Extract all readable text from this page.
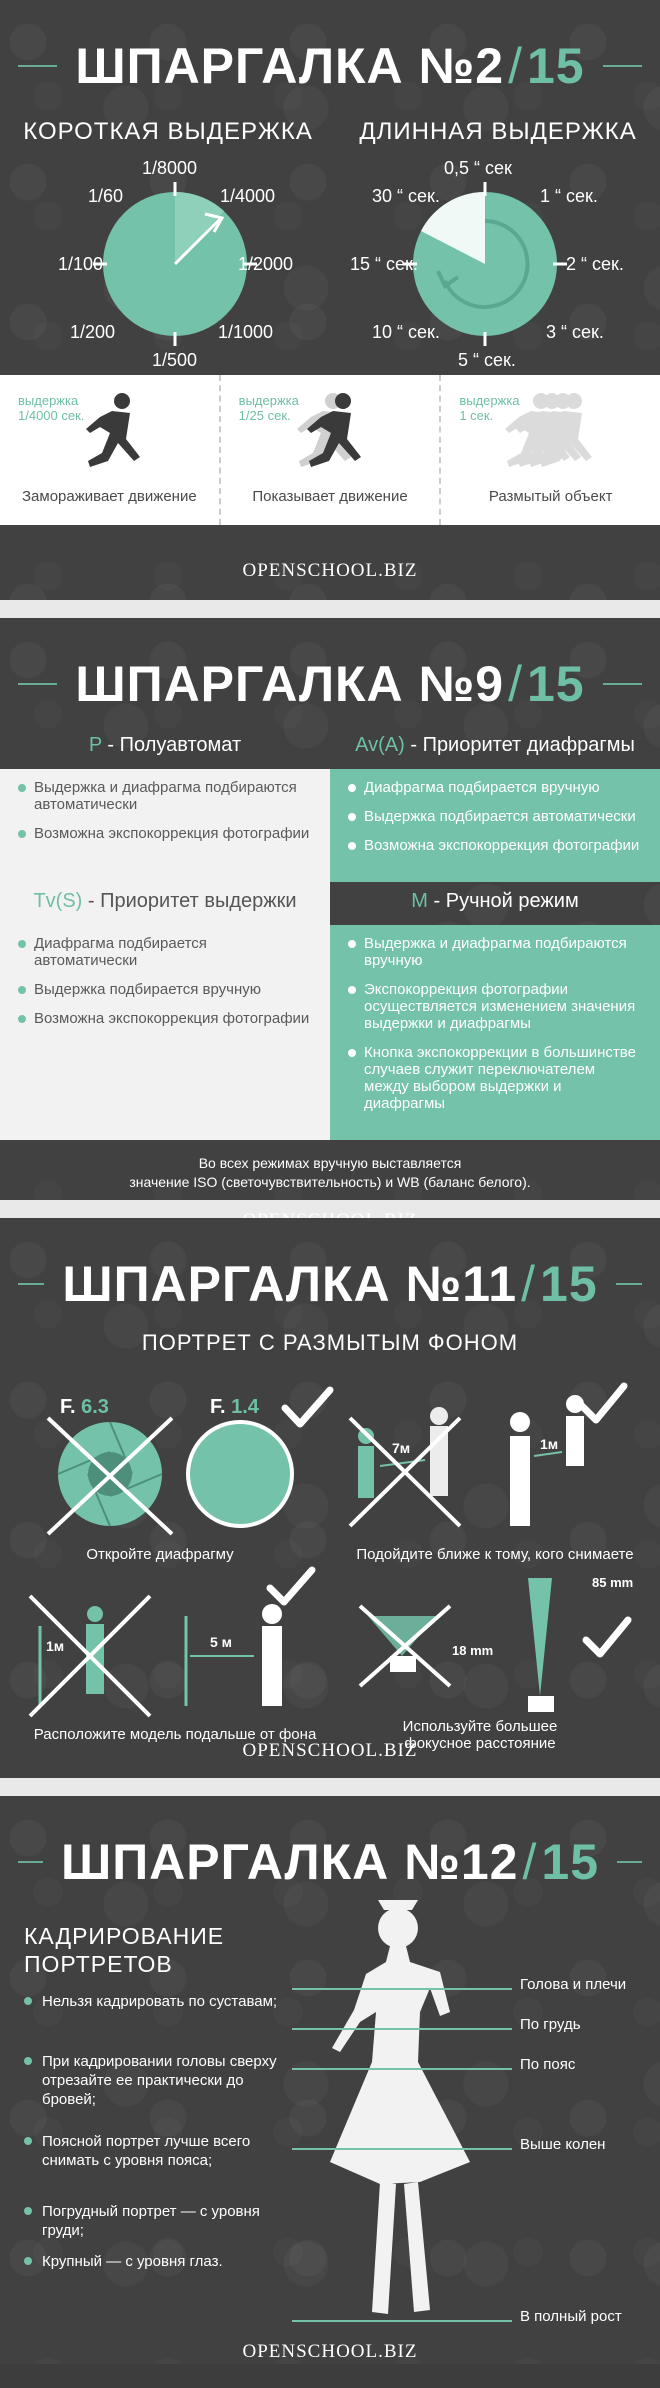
ШПАРГАЛКА №2 / 15
КОРОТКАЯ ВЫДЕРЖКА ДЛИННАЯ ВЫДЕРЖКА
1/8000
1/4000
1/2000
1/1000
1/500
1/200
1/100
1/60
0,5 “ сек
1 “ сек.
2 “ сек.
3 “ сек.
5 “ сек.
10 “ сек.
15 “ сек.
30 “ сек.
выдержка
1/4000 сек.
Замораживает движение
выдержка
1/25 сек.
Показывает движение
выдержка
1 сек.
Размытый объект
OPENSCHOOL.BIZ
ШПАРГАЛКА №9 / 15
P - Полуавтомат	Av(A) - Приоритет диафрагмы
Выдержка и диафрагма подбираются автоматически
Возможна экспокоррекция фотографии
Диафрагма подбирается вручную
Выдержка подбирается автоматически
Возможна экспокоррекция фотографии
Tv(S) - Приоритет выдержки	M - Ручной режим
Диафрагма подбирается автоматически
Выдержка подбирается вручную
Возможна экспокоррекция фотографии
Выдержка и диафрагма подбираются вручную
Экспокоррекция фотографии осуществляется изменением значения выдержки и диафрагмы
Кнопка экспокоррекции в большинстве случаев служит переключателем между выбором выдержки и диафрагмы
Во всех режимах вручную выставляется
значение ISO (светочувствительность) и WB (баланс белого).
ШПАРГАЛКА №11 / 15
ПОРТРЕТ С РАЗМЫТЫМ ФОНОМ
F. 6.3	F. 1.4
7м	1м
1м	5 м
18 mm
85 mm
Откройте диафрагму	Подойдите ближе к тому, кого снимаете
Расположите модель подальше от фона	Используйте большее фокусное расстояние
OPENSCHOOL.BIZ
ШПАРГАЛКА №12 / 15
КАДРИРОВАНИЕ
ПОРТРЕТОВ
Нельзя кадрировать по суставам;
При кадрировании головы сверху отрезайте ее практически до бровей;
Поясной портрет лучше всего снимать с уровня пояса;
Погрудный портрет — с уровня груди;
Крупный — с уровня глаз.
Голова и плечи
По грудь
По пояс
Выше колен
В полный рост
OPENSCHOOL.BIZ
